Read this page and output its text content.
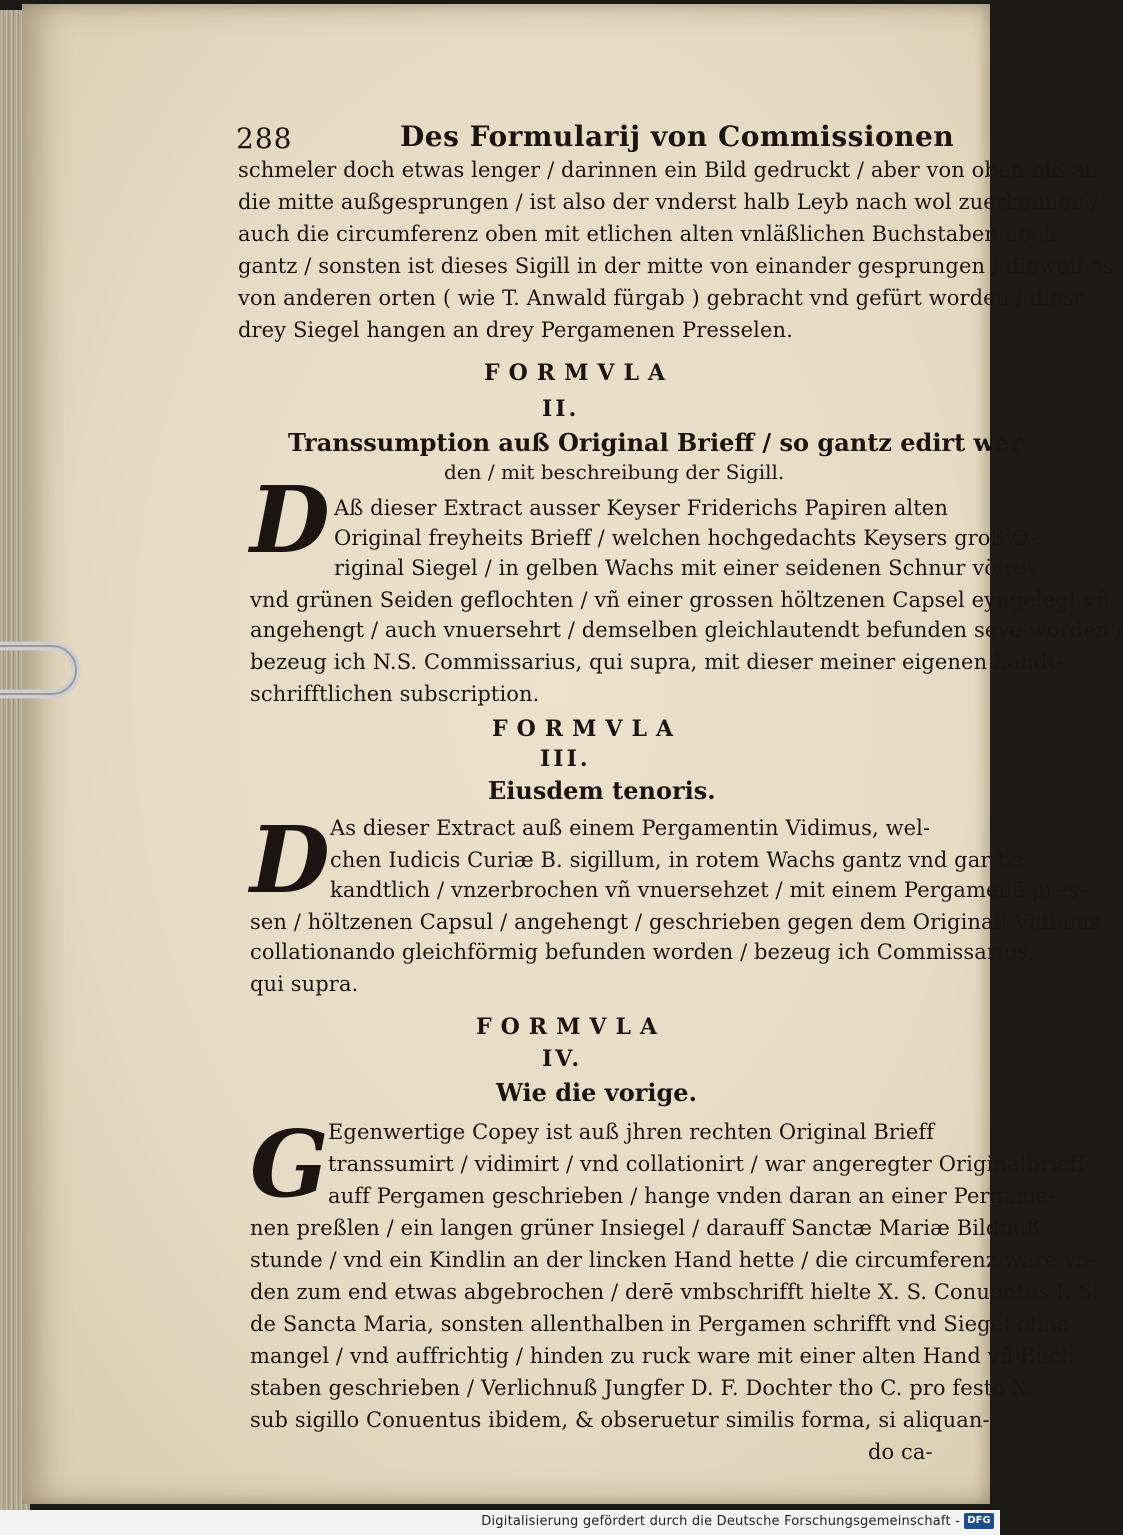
288	Des Formularij von Commissionen
schmeler doch etwas lenger / darinnen ein Bild gedruckt / aber von oben biß an
die mitte außgesprungen / ist also der vnderst halb Leyb nach wol zuerkennen /
auch die circumferenz oben mit etlichen alten vnläßlichen Buchstaben noch
gantz / sonsten ist dieses Sigill in der mitte von einander gesprungen / dieweil es
von anderen orten ( wie T. Anwald fürgab ) gebracht vnd gefürt worden / diese
drey Siegel hangen an drey Pergamenen Presselen.
FORMVLA
II.
Transsumption auß Original Brieff / so gantz edirt wer-
den / mit beschreibung der Sigill.
D Aß dieser Extract ausser Keyser Friderichs Papiren alten
Original freyheits Brieff / welchen hochgedachts Keysers groß O-
riginal Siegel / in gelben Wachs mit einer seidenen Schnur vö rot
vnd grünen Seiden geflochten / vñ einer grossen höltzenen Capsel eyngelegt vñ
angehengt / auch vnuersehrt / demselben gleichlautendt befunden seye worden /
bezeug ich N.S. Commissarius, qui supra, mit dieser meiner eigenen handt-
schrifftlichen subscription.
FORMVLA
III.
Eiusdem tenoris.
D As dieser Extract auß einem Pergamentin Vidimus, wel-
chen Iudicis Curiæ B. sigillum, in rotem Wachs gantz vnd gar be-
kandtlich / vnzerbrochen vñ vnuersehzet / mit einem Pergamenē pres-
sen / höltzenen Capsul / angehengt / geschrieben gegen dem Originali Vidimus
collationando gleichförmig befunden worden / bezeug ich Commissarius,
qui supra.
FORMVLA
IV.
Wie die vorige.
G Egenwertige Copey ist auß jhren rechten Original Brieff
transsumirt / vidimirt / vnd collationirt / war angeregter Originalbrieff
auff Pergamen geschrieben / hange vnden daran an einer Pergame-
nen preßlen / ein langen grüner Insiegel / darauff Sanctæ Mariæ Bildnuß
stunde / vnd ein Kindlin an der lincken Hand hette / die circumferenz ware vn-
den zum end etwas abgebrochen / derē vmbschrifft hielte X. S. Conuentus I. S.
de Sancta Maria, sonsten allenthalben in Pergamen schrifft vnd Siegel ohne
mangel / vnd auffrichtig / hinden zu ruck ware mit einer alten Hand vñ Buch-
staben geschrieben / Verlichnuß Jungfer D. F. Dochter tho C. pro festo X.
sub sigillo Conuentus ibidem, & obseruetur similis forma, si aliquan-
do ca-
Digitalisierung gefördert durch die Deutsche Forschungsgemeinschaft - DFG
